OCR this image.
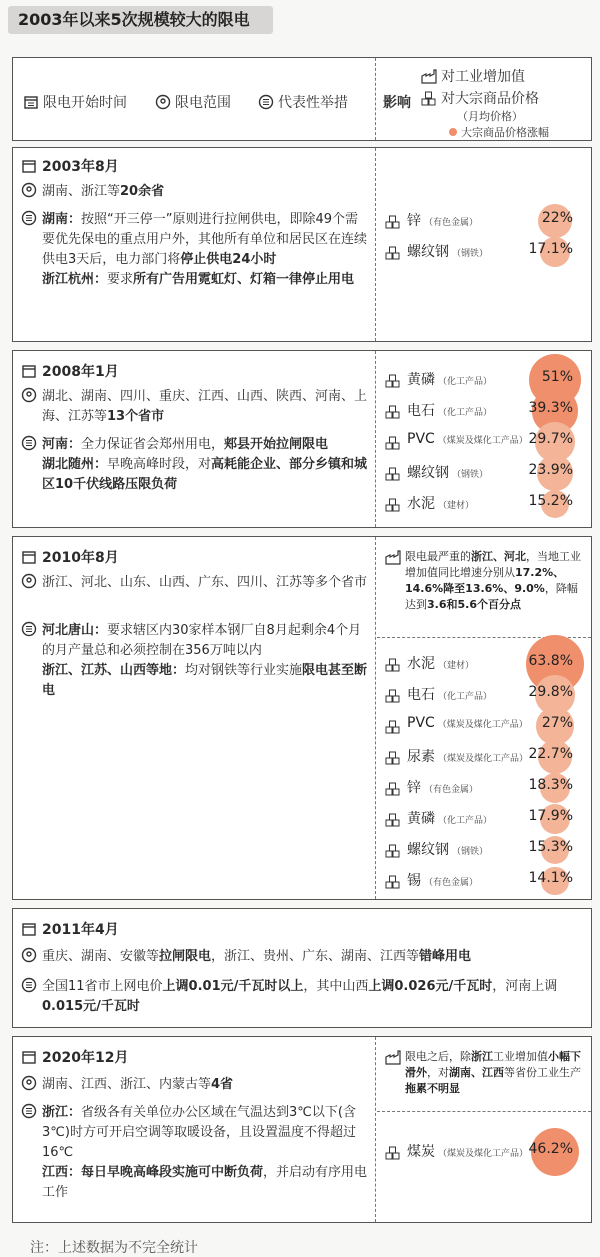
2003年以来5次规模较大的限电
限电开始时间	限电范围	代表性举措	影响
对工业增加值
对大宗商品价格
（月均价格）
大宗商品价格涨幅
2003年8月
湖南、浙江等20余省
湖南：按照“开三停一”原则进行拉闸供电，即除49个需要优先保电的重点用户外，其他所有单位和居民区在连续供电3天后，电力部门将停止供电24小时
浙江杭州：要求所有广告用霓虹灯、灯箱一律停止用电
锌 （有色金属）	22%
螺纹钢 （钢铁）	17.1%
2008年1月
湖北、湖南、四川、重庆、江西、山西、陕西、河南、上海、江苏等13个省市
河南：全力保证省会郑州用电，郏县开始拉闸限电
湖北随州：早晚高峰时段，对高耗能企业、部分乡镇和城区10千伏线路压限负荷
黄磷 （化工产品）	51%
电石 （化工产品）	39.3%
PVC （煤炭及煤化工产品） 29.7%
螺纹钢 （钢铁）	23.9%
水泥 （建材）	15.2%
2010年8月
浙江、河北、山东、山西、广东、四川、江苏等多个省市
河北唐山：要求辖区内30家样本钢厂自8月起剩余4个月的月产量总和必须控制在356万吨以内
浙江、江苏、山西等地：均对钢铁等行业实施限电甚至断电
限电最严重的浙江、河北，当地工业增加值同比增速分别从17.2%、14.6%降至13.6%、9.0%，降幅达到3.6和5.6个百分点
水泥 （建材）	63.8%
电石 （化工产品）	29.8%
PVC （煤炭及煤化工产品） 27%
尿素 （煤炭及煤化工产品） 22.7%
锌 （有色金属）	18.3%
黄磷 （化工产品）	17.9%
螺纹钢 （钢铁）	15.3%
锡 （有色金属）	14.1%
2011年4月
重庆、湖南、安徽等拉闸限电，浙江、贵州、广东、湖南、江西等错峰用电
全国11省市上网电价上调0.01元/千瓦时以上，其中山西上调0.026元/千瓦时，河南上调0.015元/千瓦时
2020年12月
湖南、江西、浙江、内蒙古等4省
浙江：省级各有关单位办公区域在气温达到3℃以下(含3℃)时方可开启空调等取暖设备，且设置温度不得超过16℃
江西：每日早晚高峰段实施可中断负荷，并启动有序用电工作
限电之后，除浙江工业增加值小幅下滑外，对湖南、江西等省份工业生产拖累不明显
煤炭 （煤炭及煤化工产品） 46.2%
注：上述数据为不完全统计
